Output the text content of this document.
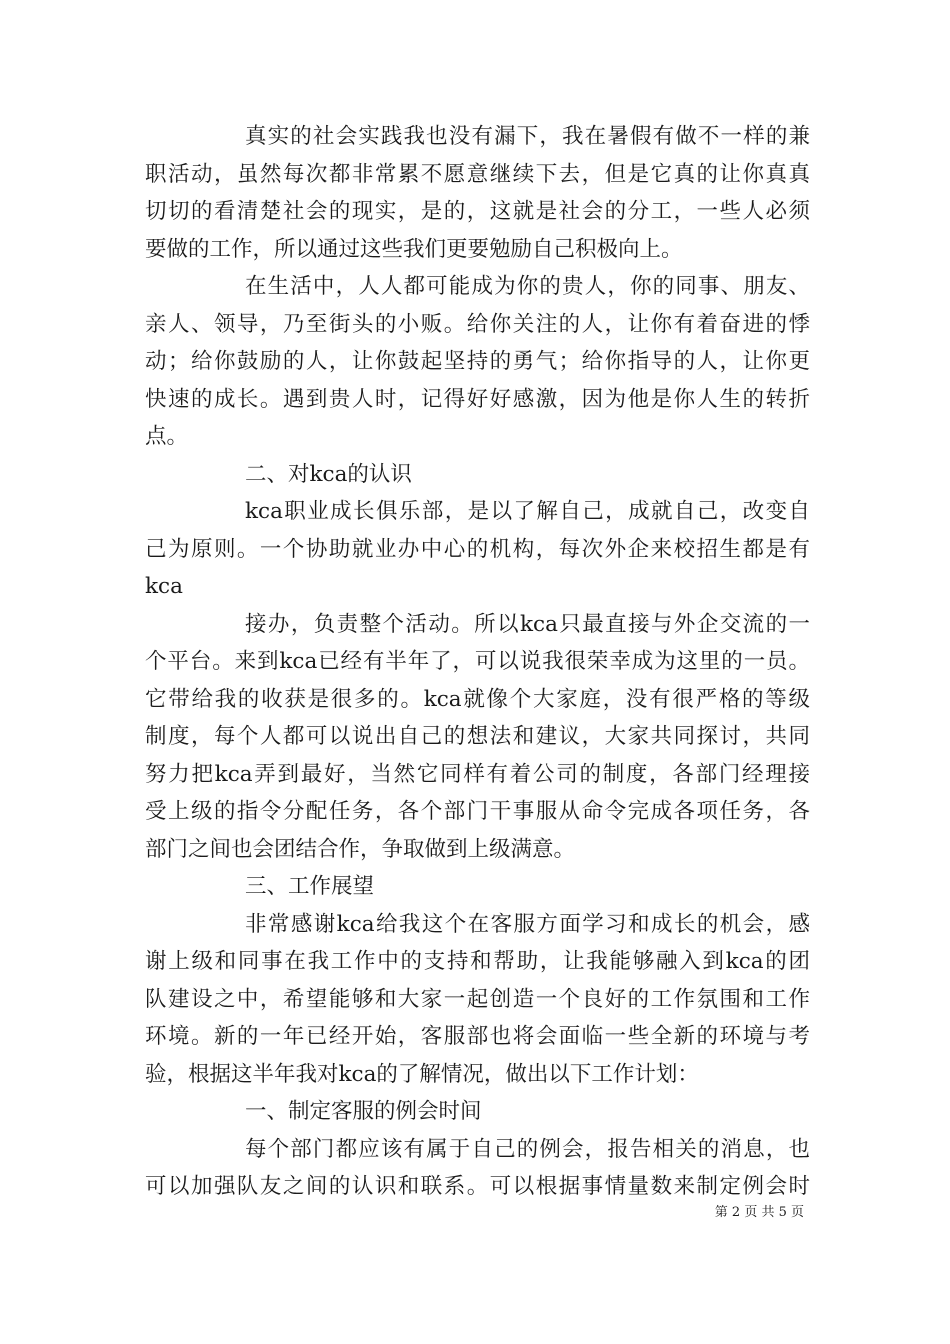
真实的社会实践我也没有漏下，我在暑假有做不一样的兼
职活动，虽然每次都非常累不愿意继续下去，但是它真的让你真真
切切的看清楚社会的现实，是的，这就是社会的分工，一些人必须
要做的工作，所以通过这些我们更要勉励自己积极向上。
在生活中，人人都可能成为你的贵人，你的同事、朋友、
亲人、领导，乃至街头的小贩。给你关注的人，让你有着奋进的悸
动；给你鼓励的人，让你鼓起坚持的勇气；给你指导的人，让你更
快速的成长。遇到贵人时，记得好好感激，因为他是你人生的转折
点。
二、对kca的认识
kca职业成长俱乐部，是以了解自己，成就自己，改变自
己为原则。一个协助就业办中心的机构，每次外企来校招生都是有
kca
接办，负责整个活动。所以kca只最直接与外企交流的一
个平台。来到kca已经有半年了，可以说我很荣幸成为这里的一员。
它带给我的收获是很多的。kca就像个大家庭，没有很严格的等级
制度，每个人都可以说出自己的想法和建议，大家共同探讨，共同
努力把kca弄到最好，当然它同样有着公司的制度，各部门经理接
受上级的指令分配任务，各个部门干事服从命令完成各项任务，各
部门之间也会团结合作，争取做到上级满意。
三、工作展望
非常感谢kca给我这个在客服方面学习和成长的机会，感
谢上级和同事在我工作中的支持和帮助，让我能够融入到kca的团
队建设之中，希望能够和大家一起创造一个良好的工作氛围和工作
环境。新的一年已经开始，客服部也将会面临一些全新的环境与考
验，根据这半年我对kca的了解情况，做出以下工作计划：
一、制定客服的例会时间
每个部门都应该有属于自己的例会，报告相关的消息，也
可以加强队友之间的认识和联系。可以根据事情量数来制定例会时
第 2 页 共 5 页
